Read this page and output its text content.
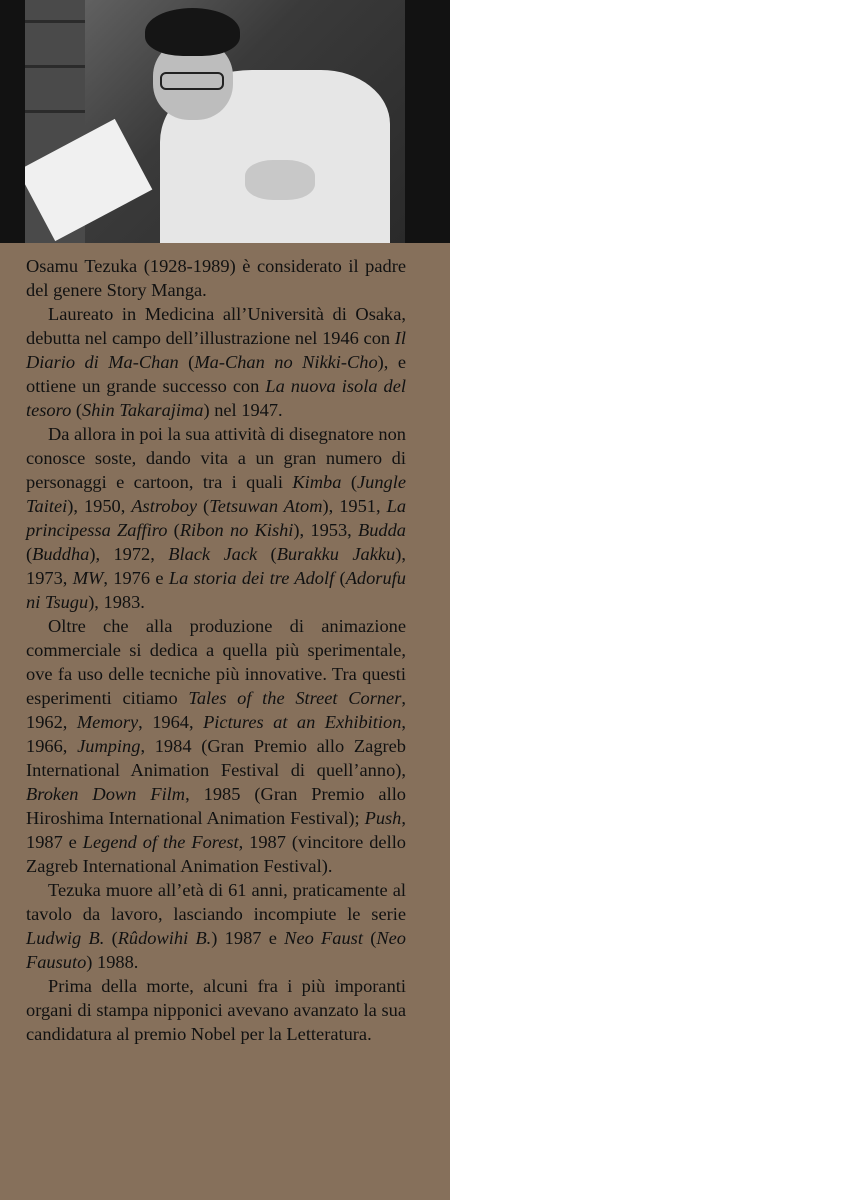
Osamu Tezuka (1928-1989) è considerato il padre del genere Story Manga.

Laureato in Medicina all’Università di Osaka, debutta nel campo dell’illustrazione nel 1946 con Il Diario di Ma-Chan (Ma-Chan no Nikki-Cho), e ottiene un grande successo con La nuova isola del tesoro (Shin Takarajima) nel 1947.

Da allora in poi la sua attività di disegnatore non conosce soste, dando vita a un gran numero di personaggi e cartoon, tra i quali Kimba (Jungle Taitei), 1950, Astroboy (Tetsuwan Atom), 1951, La principessa Zaffiro (Ribon no Kishi), 1953, Budda (Buddha), 1972, Black Jack (Burakku Jakku), 1973, MW, 1976 e La storia dei tre Adolf (Adorufu ni Tsugu), 1983.

Oltre che alla produzione di animazione commerciale si dedica a quella più sperimentale, ove fa uso delle tecniche più innovative. Tra questi esperimenti citiamo Tales of the Street Corner, 1962, Memory, 1964, Pictures at an Exhibition, 1966, Jumping, 1984 (Gran Premio allo Zagreb International Animation Festival di quell’anno), Broken Down Film, 1985 (Gran Premio allo Hiroshima International Animation Festival); Push, 1987 e Legend of the Forest, 1987 (vincitore dello Zagreb International Animation Festival).

Tezuka muore all’età di 61 anni, praticamente al tavolo da lavoro, lasciando incompiute le serie Ludwig B. (Rûdowihi B.) 1987 e Neo Faust (Neo Fausuto) 1988.

Prima della morte, alcuni fra i più imporanti organi di stampa nipponici avevano avanzato la sua candidatura al premio Nobel per la Letteratura.
